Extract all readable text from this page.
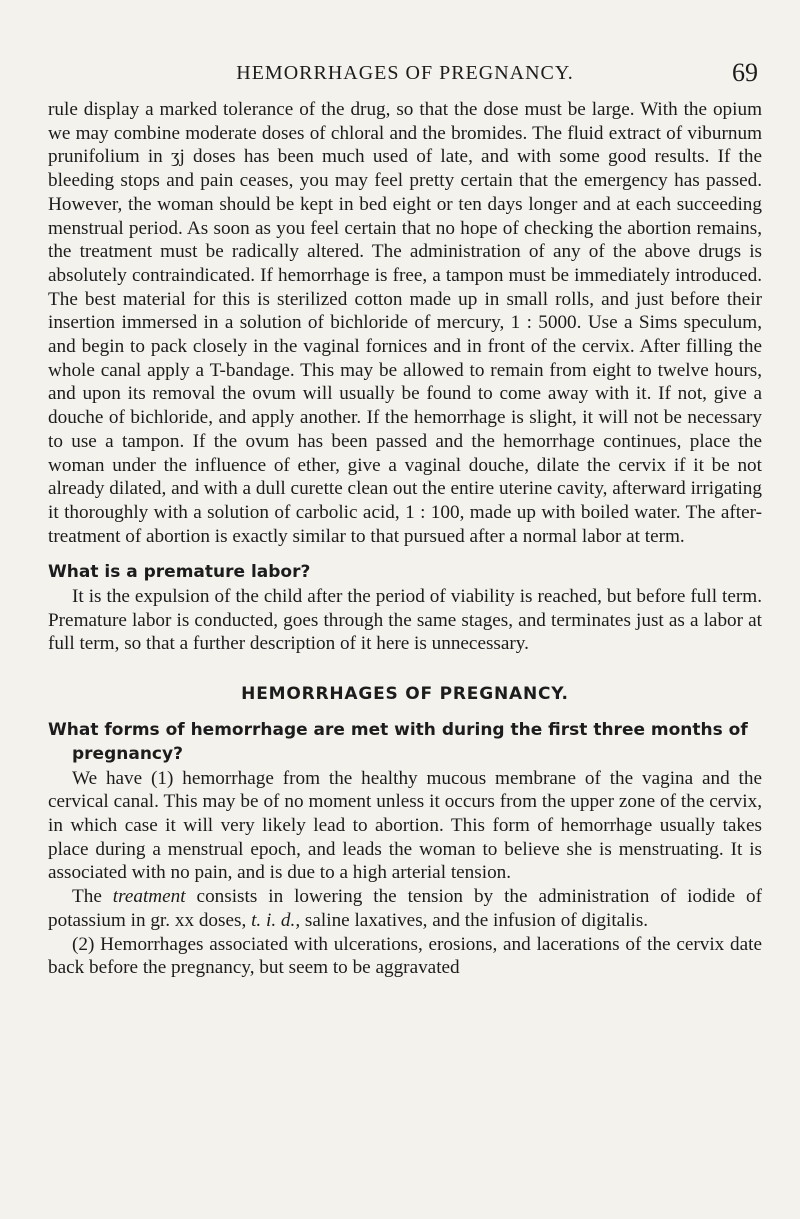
HEMORRHAGES OF PREGNANCY.	69

rule display a marked tolerance of the drug, so that the dose must be large. With the opium we may combine moderate doses of chloral and the bromides. The fluid extract of viburnum prunifolium in ʒj doses has been much used of late, and with some good results. If the bleeding stops and pain ceases, you may feel pretty certain that the emergency has passed. However, the woman should be kept in bed eight or ten days longer and at each succeeding menstrual period. As soon as you feel certain that no hope of checking the abortion remains, the treatment must be radically altered. The administration of any of the above drugs is absolutely contraindicated. If hemorrhage is free, a tampon must be immediately introduced. The best material for this is sterilized cotton made up in small rolls, and just before their insertion immersed in a solution of bichloride of mercury, 1 : 5000. Use a Sims speculum, and begin to pack closely in the vaginal fornices and in front of the cervix. After filling the whole canal apply a T-bandage. This may be allowed to remain from eight to twelve hours, and upon its removal the ovum will usually be found to come away with it. If not, give a douche of bichloride, and apply another. If the hemorrhage is slight, it will not be necessary to use a tampon. If the ovum has been passed and the hemorrhage continues, place the woman under the influence of ether, give a vaginal douche, dilate the cervix if it be not already dilated, and with a dull curette clean out the entire uterine cavity, afterward irrigating it thoroughly with a solution of carbolic acid, 1 : 100, made up with boiled water. The after-treatment of abortion is exactly similar to that pursued after a normal labor at term.

What is a premature labor?

It is the expulsion of the child after the period of viability is reached, but before full term. Premature labor is conducted, goes through the same stages, and terminates just as a labor at full term, so that a further description of it here is unnecessary.

HEMORRHAGES OF PREGNANCY.

What forms of hemorrhage are met with during the first three months of pregnancy?

We have (1) hemorrhage from the healthy mucous membrane of the vagina and the cervical canal. This may be of no moment unless it occurs from the upper zone of the cervix, in which case it will very likely lead to abortion. This form of hemorrhage usually takes place during a menstrual epoch, and leads the woman to believe she is menstruating. It is associated with no pain, and is due to a high arterial tension.

The treatment consists in lowering the tension by the administration of iodide of potassium in gr. xx doses, t. i. d., saline laxatives, and the infusion of digitalis.

(2) Hemorrhages associated with ulcerations, erosions, and lacerations of the cervix date back before the pregnancy, but seem to be aggravated
